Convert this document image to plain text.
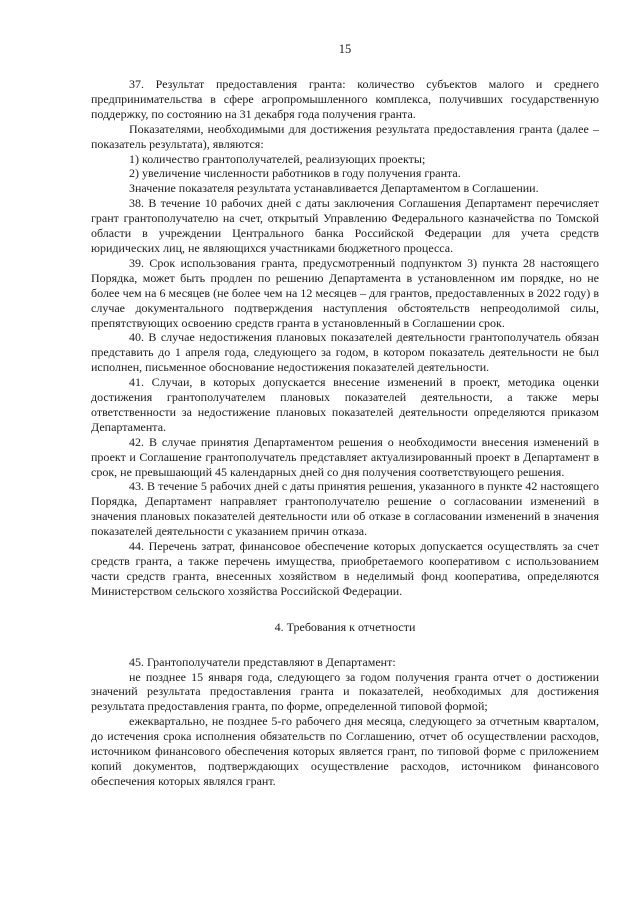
15

37. Результат предоставления гранта: количество субъектов малого и среднего предпринимательства в сфере агропромышленного комплекса, получивших государственную поддержку, по состоянию на 31 декабря года получения гранта.

Показателями, необходимыми для достижения результата предоставления гранта (далее – показатель результата), являются:

1) количество грантополучателей, реализующих проекты;

2) увеличение численности работников в году получения гранта.

Значение показателя результата устанавливается Департаментом в Соглашении.

38. В течение 10 рабочих дней с даты заключения Соглашения Департамент перечисляет грант грантополучателю на счет, открытый Управлению Федерального казначейства по Томской области в учреждении Центрального банка Российской Федерации для учета средств юридических лиц, не являющихся участниками бюджетного процесса.

39. Срок использования гранта, предусмотренный подпунктом 3) пункта 28 настоящего Порядка, может быть продлен по решению Департамента в установленном им порядке, но не более чем на 6 месяцев (не более чем на 12 месяцев – для грантов, предоставленных в 2022 году) в случае документального подтверждения наступления обстоятельств непреодолимой силы, препятствующих освоению средств гранта в установленный в Соглашении срок.

40. В случае недостижения плановых показателей деятельности грантополучатель обязан представить до 1 апреля года, следующего за годом, в котором показатель деятельности не был исполнен, письменное обоснование недостижения показателей деятельности.

41. Случаи, в которых допускается внесение изменений в проект, методика оценки достижения грантополучателем плановых показателей деятельности, а также меры ответственности за недостижение плановых показателей деятельности определяются приказом Департамента.

42. В случае принятия Департаментом решения о необходимости внесения изменений в проект и Соглашение грантополучатель представляет актуализированный проект в Департамент в срок, не превышающий 45 календарных дней со дня получения соответствующего решения.

43. В течение 5 рабочих дней с даты принятия решения, указанного в пункте 42 настоящего Порядка, Департамент направляет грантополучателю решение о согласовании изменений в значения плановых показателей деятельности или об отказе в согласовании изменений в значения показателей деятельности с указанием причин отказа.

44. Перечень затрат, финансовое обеспечение которых допускается осуществлять за счет средств гранта, а также перечень имущества, приобретаемого кооперативом с использованием части средств гранта, внесенных хозяйством в неделимый фонд кооператива, определяются Министерством сельского хозяйства Российской Федерации.

4. Требования к отчетности

45. Грантополучатели представляют в Департамент:

не позднее 15 января года, следующего за годом получения гранта отчет о достижении значений результата предоставления гранта и показателей, необходимых для достижения результата предоставления гранта, по форме, определенной типовой формой;

ежеквартально, не позднее 5-го рабочего дня месяца, следующего за отчетным кварталом, до истечения срока исполнения обязательств по Соглашению, отчет об осуществлении расходов, источником финансового обеспечения которых является грант, по типовой форме с приложением копий документов, подтверждающих осуществление расходов, источником финансового обеспечения которых являлся грант.
